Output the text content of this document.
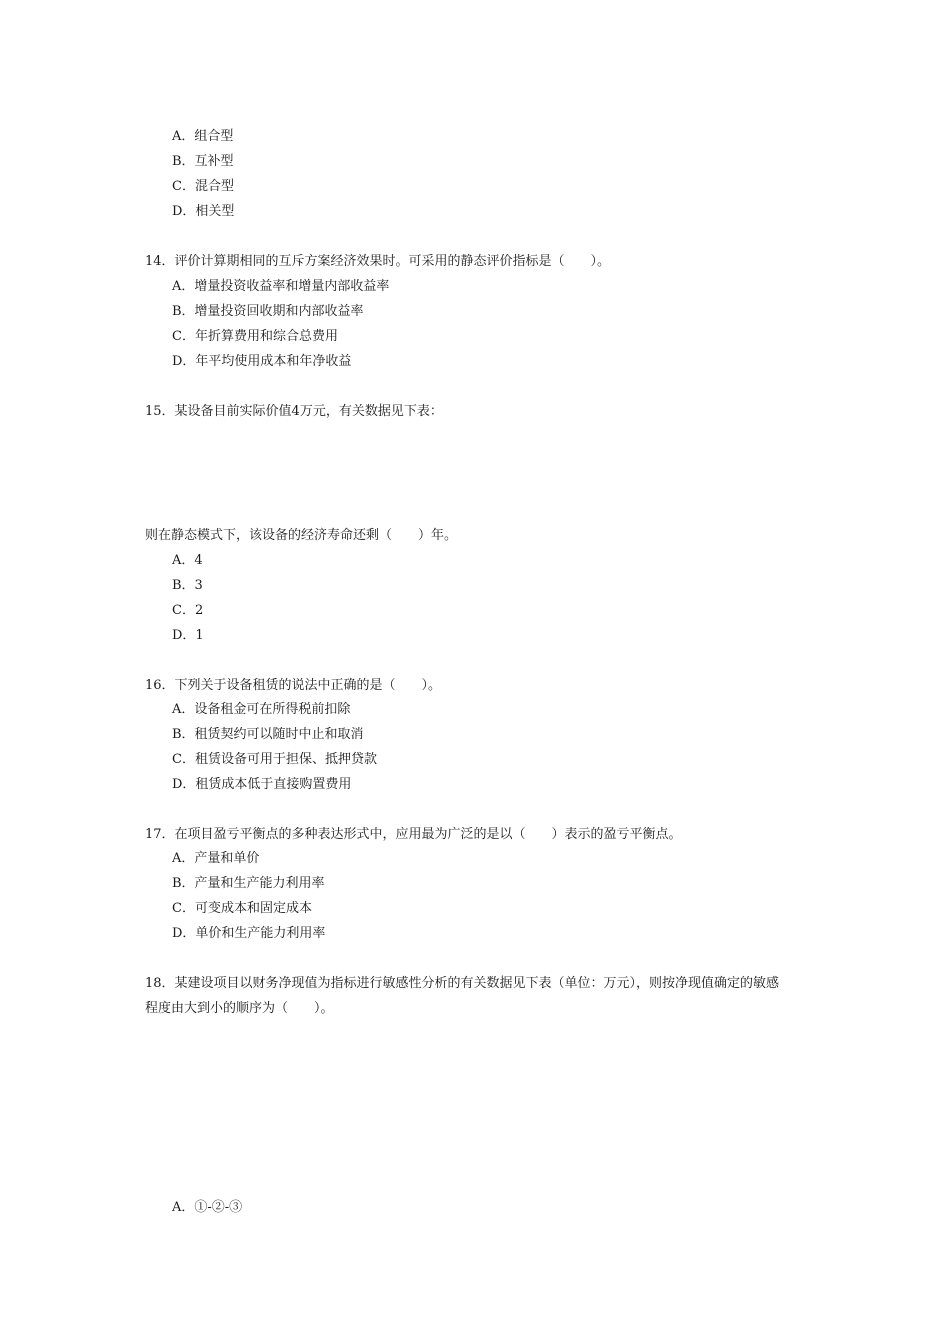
A．组合型
B．互补型
C．混合型
D．相关型
14．评价计算期相同的互斥方案经济效果时。可采用的静态评价指标是（　　）。
A．增量投资收益率和增量内部收益率
B．增量投资回收期和内部收益率
C．年折算费用和综合总费用
D．年平均使用成本和年净收益
15．某设备目前实际价值4万元，有关数据见下表：
则在静态模式下，该设备的经济寿命还剩（　　）年。
A．4
B．3
C．2
D．1
16．下列关于设备租赁的说法中正确的是（　　）。
A．设备租金可在所得税前扣除
B．租赁契约可以随时中止和取消
C．租赁设备可用于担保、抵押贷款
D．租赁成本低于直接购置费用
17．在项目盈亏平衡点的多种表达形式中，应用最为广泛的是以（　　）表示的盈亏平衡点。
A．产量和单价
B．产量和生产能力利用率
C．可变成本和固定成本
D．单价和生产能力利用率
18．某建设项目以财务净现值为指标进行敏感性分析的有关数据见下表（单位：万元），则按净现值确定的敏感
程度由大到小的顺序为（　　）。
A．①-②-③
